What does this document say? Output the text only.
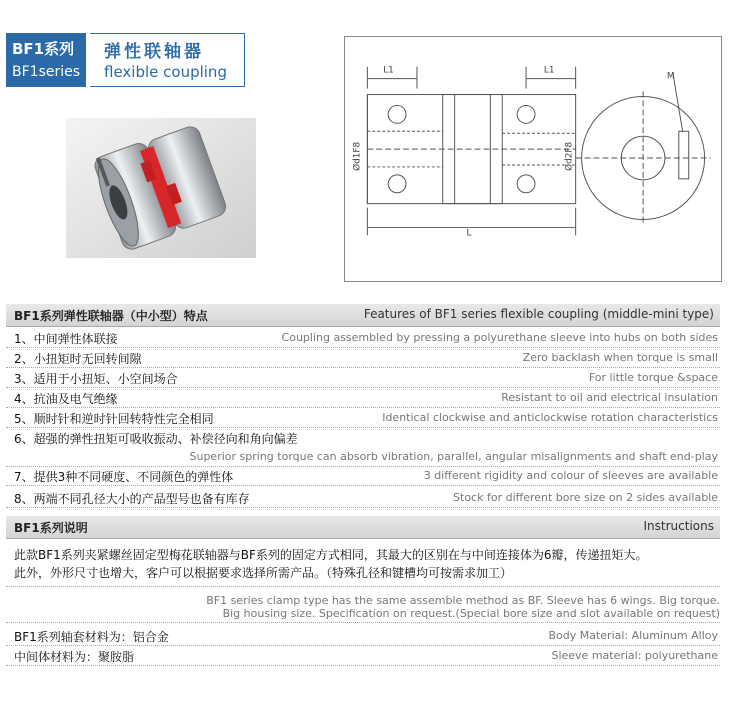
BF1系列
BF1series
弹性联轴器
flexible coupling	L1	L1
M
Ød1F8	Ød2F8
L
BF1系列弹性联轴器（中小型）特点	Features of BF1 series flexible coupling (middle-mini type)
1、中间弹性体联接	Coupling assembled by pressing a polyurethane sleeve into hubs on both sides
2、小扭矩时无回转间隙	Zero backlash when torque is small
3、适用于小扭矩、小空间场合	For little torque &space
4、抗油及电气绝缘	Resistant to oil and electrical insulation
5、顺时针和逆时针回转特性完全相同	Identical clockwise and anticlockwise rotation characteristics
6、超强的弹性扭矩可吸收振动、补偿径向和角向偏差
Superior spring torque can absorb vibration, parallel, angular misalignments and shaft end-play
7、提供3种不同硬度、不同颜色的弹性体	3 different rigidity and colour of sleeves are available
8、两端不同孔径大小的产品型号也备有库存	Stock for different bore size on 2 sides available
BF1系列说明	Instructions
此款BF1系列夹紧螺丝固定型梅花联轴器与BF系列的固定方式相同，其最大的区别在与中间连接体为6瓣，传递扭矩大。
此外，外形尺寸也增大，客户可以根据要求选择所需产品。（特殊孔径和键槽均可按需求加工）
BF1 series clamp type has the same assemble method as BF. Sleeve has 6 wings. Big torque.
Big housing size. Specification on request.(Special bore size and slot available on request)
BF1系列轴套材料为：铝合金	Body Material: Aluminum Alloy
中间体材料为：聚胺脂	Sleeve material: polyurethane
